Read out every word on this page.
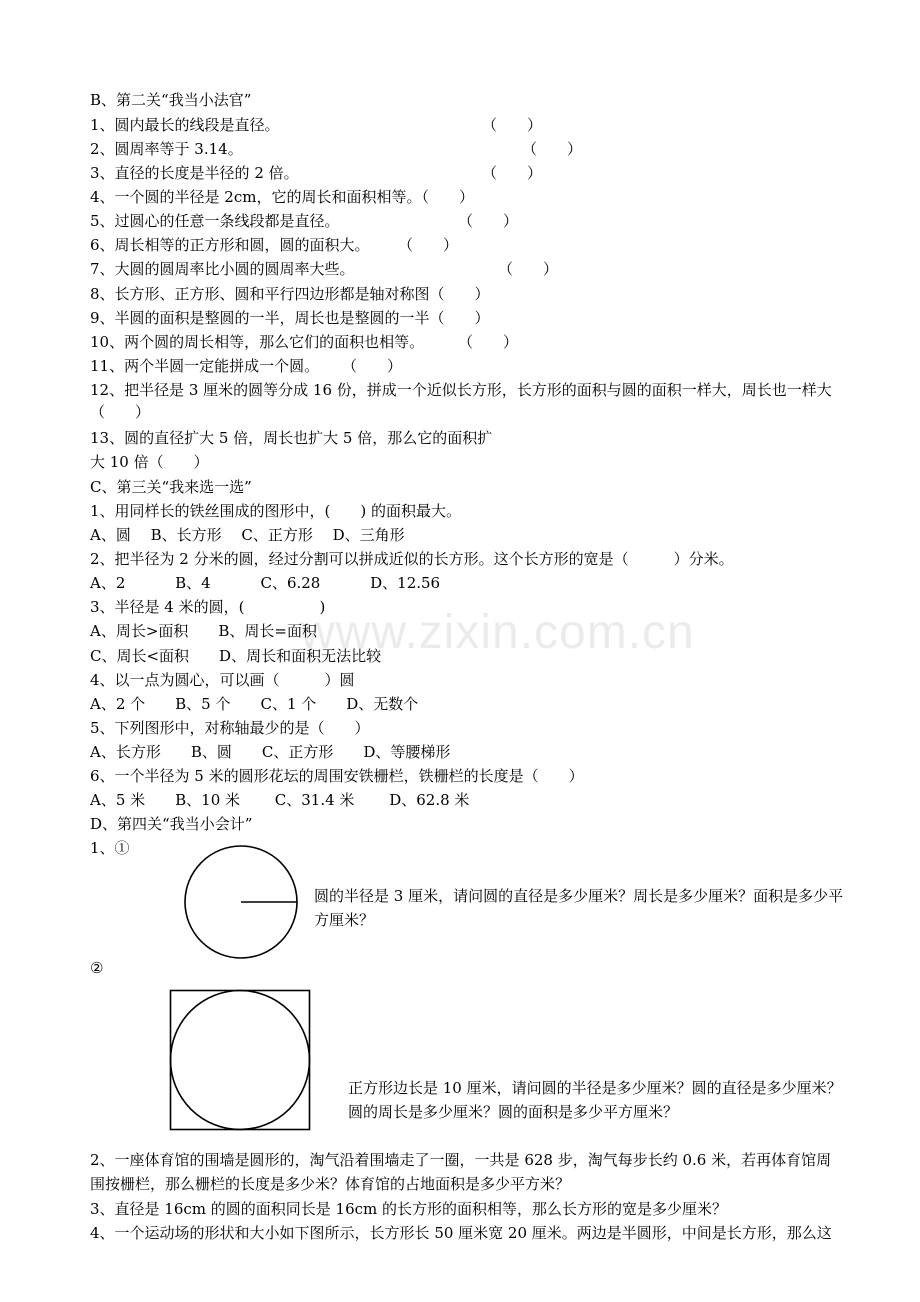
www.zixin.com.cn
B、第二关“我当小法官”
1、圆内最长的线段是直径。	（　　）
2、圆周率等于 3.14。	（　　）
3、直径的长度是半径的 2 倍。	（　　）
4、一个圆的半径是 2cm，它的周长和面积相等。（　　）
5、过圆心的任意一条线段都是直径。	（　　）
6、周长相等的正方形和圆，圆的面积大。 （　　）
7、大圆的圆周率比小圆的圆周率大些。	（　　）
8、长方形、正方形、圆和平行四边形都是轴对称图（　　）
9、半圆的面积是整圆的一半，周长也是整圆的一半（　　）
10、两个圆的周长相等，那么它们的面积也相等。 （　　）
11、两个半圆一定能拼成一个圆。 （　　）
12、把半径是 3 厘米的圆等分成 16 份，拼成一个近似长方形，长方形的面积与圆的面积一样大，周长也一样大
（　　）
13、圆的直径扩大 5 倍，周长也扩大 5 倍，那么它的面积扩
大 10 倍（　　）
C、第三关“我来选一选”
1、用同样长的铁丝围成的图形中，(　　) 的面积最大。
A、圆　 B、长方形　 C、正方形　 D、三角形
2、把半径为 2 分米的圆，经过分割可以拼成近似的长方形。这个长方形的宽是（　　　）分米。
A、2　　　 B、4　　　 C、6.28　　　 D、12.56
3、半径是 4 米的圆，(　　　　　)
A、周长>面积　　B、周长=面积
C、周长<面积　　D、周长和面积无法比较
4、以一点为圆心，可以画（　　　）圆
A、2 个　　B、5 个　　C、1 个　　D、无数个
5、下列图形中，对称轴最少的是（　　）
A、长方形　　B、圆　　C、正方形　　D、等腰梯形
6、一个半径为 5 米的圆形花坛的周围安铁栅栏，铁栅栏的长度是（　　）
A、5 米　　B、10 米　　 C、31.4 米　　 D、62.8 米
D、第四关“我当小会计”
1、①
圆的半径是 3 厘米，请问圆的直径是多少厘米？周长是多少厘米？面积是多少平
方厘米？
②
正方形边长是 10 厘米，请问圆的半径是多少厘米？圆的直径是多少厘米？
圆的周长是多少厘米？圆的面积是多少平方厘米？
2、一座体育馆的围墙是圆形的，淘气沿着围墙走了一圈，一共是 628 步，淘气每步长约 0.6 米，若再体育馆周
围按栅栏，那么栅栏的长度是多少米？体育馆的占地面积是多少平方米？
3、直径是 16cm 的圆的面积同长是 16cm 的长方形的面积相等，那么长方形的宽是多少厘米？
4、一个运动场的形状和大小如下图所示，长方形长 50 厘米宽 20 厘米。两边是半圆形，中间是长方形，那么这
